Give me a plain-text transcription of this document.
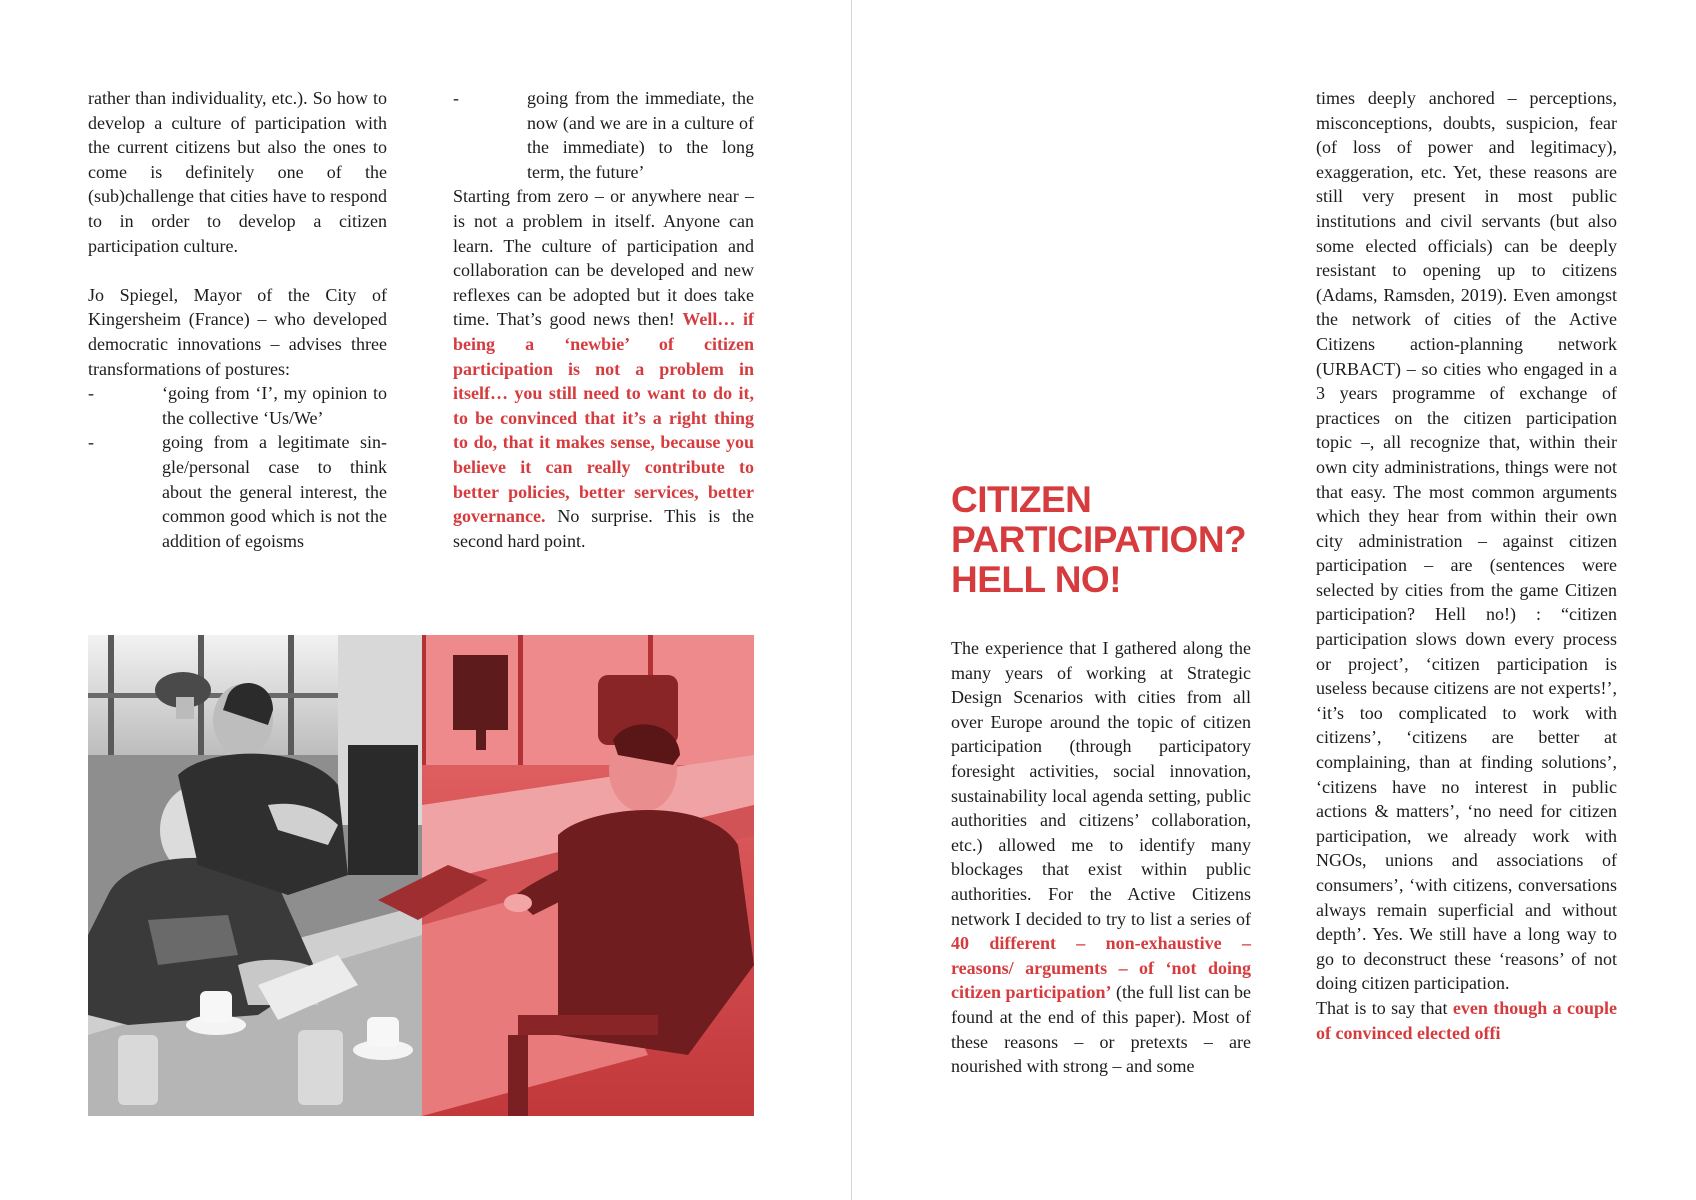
rather than individuality, etc.). So how to develop a culture of participation with the current citizens but also the ones to come is definitely one of the (sub)challenge that cities have to respond to in order to develop a citizen participation culture.

Jo Spiegel, Mayor of the City of Kingersheim (France) – who developed democratic innovations – advises three transformations of postures:

-	‘going from ‘I’, my opinion to the collective ‘Us/We’
-	going from a legitimate single/personal case to think about the general interest, the common good which is not the addition of egoisms
-	going from the immediate, the now (and we are in a culture of the immediate) to the long term, the future’

Starting from zero – or anywhere near – is not a problem in itself. Anyone can learn. The culture of participation and collaboration can be developed and new reflexes can be adopted but it does take time. That’s good news then! Well… if being a ‘newbie’ of citizen participation is not a problem in itself… you still need to want to do it, to be convinced that it’s a right thing to do, that it makes sense, because you believe it can really contribute to better policies, better services, better governance. No surprise. This is the second hard point.

CITIZEN
PARTICIPATION?
HELL NO!

The experience that I gathered along the many years of working at Strategic Design Scenarios with cities from all over Europe around the topic of citizen participation (through participatory foresight activities, social innovation, sustainability local agenda setting, public authorities and citizens’ collaboration, etc.) allowed me to identify many blockages that exist within public authorities. For the Active Citizens network I decided to try to list a series of 40 different – non-exhaustive – reasons/ arguments – of ‘not doing citizen participation’ (the full list can be found at the end of this paper). Most of these reasons – or pretexts – are nourished with strong – and some

times deeply anchored – perceptions, misconceptions, doubts, suspicion, fear (of loss of power and legitimacy), exaggeration, etc. Yet, these reasons are still very present in most public institutions and civil servants (but also some elected officials) can be deeply resistant to opening up to citizens (Adams, Ramsden, 2019). Even amongst the network of cities of the Active Citizens action-planning network (URBACT) – so cities who engaged in a 3 years programme of exchange of practices on the citizen participation topic –, all recognize that, within their own city administrations, things were not that easy. The most common arguments which they hear from within their own city administration – against citizen participation – are (sentences were selected by cities from the game Citizen participation? Hell no!) : “citizen participation slows down every process or project’, ‘citizen participation is useless because citizens are not experts!’, ‘it’s too complicated to work with citizens’, ‘citizens are better at complaining, than at finding solutions’, ‘citizens have no interest in public actions & matters’, ‘no need for citizen participation, we already work with NGOs, unions and associations of consumers’, ‘with citizens, conversations always remain superficial and without depth’. Yes. We still have a long way to go to deconstruct these ‘reasons’ of not doing citizen participation.

That is to say that even though a couple of convinced elected offi
